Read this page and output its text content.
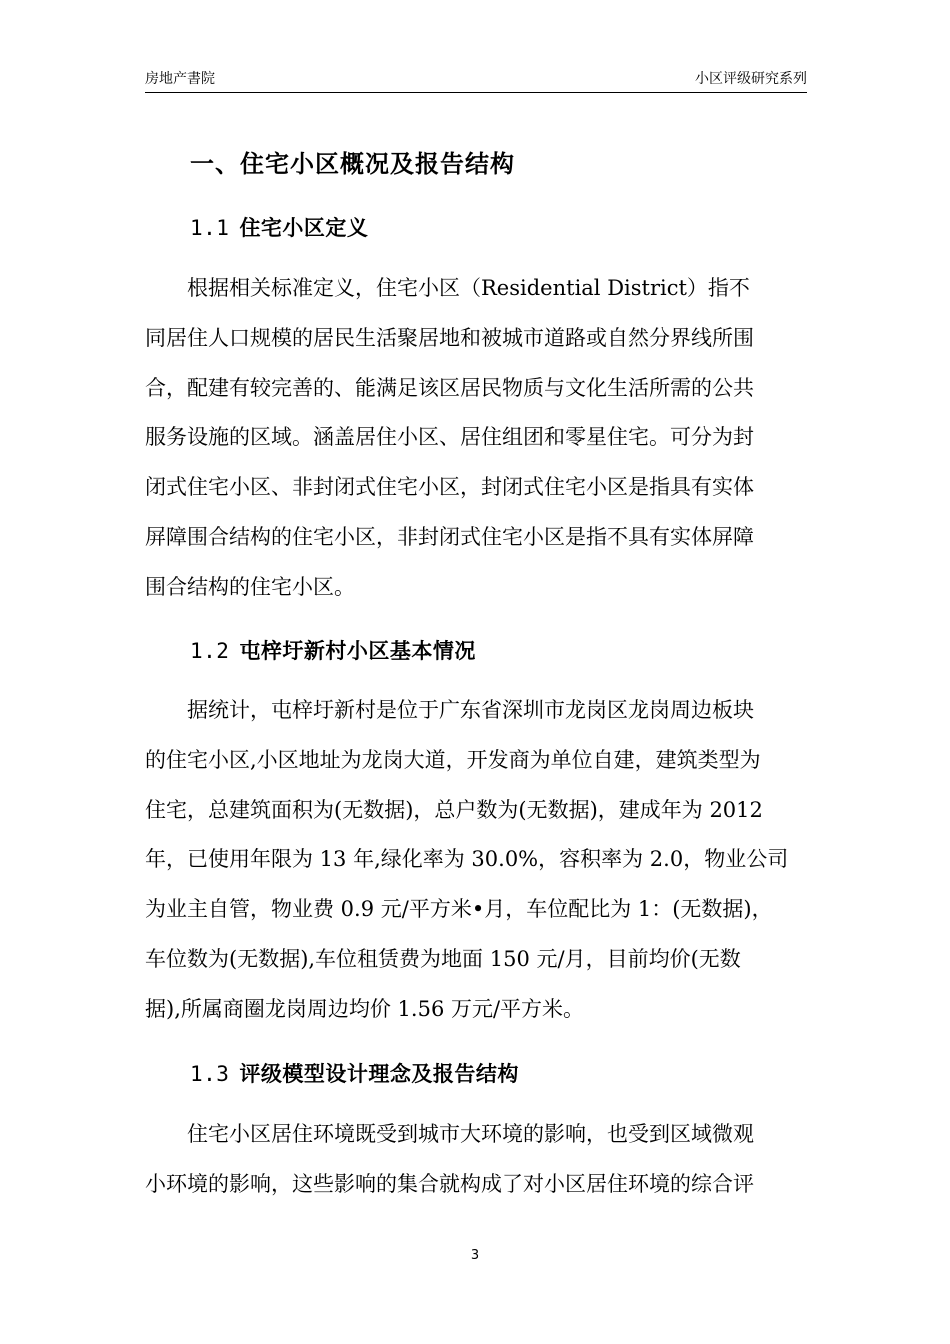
房地产書院	小区评级研究系列
一、住宅小区概况及报告结构
1.1 住宅小区定义
　　根据相关标准定义，住宅小区（Residential District）指不
同居住人口规模的居民生活聚居地和被城市道路或自然分界线所围
合，配建有较完善的、能满足该区居民物质与文化生活所需的公共
服务设施的区域。涵盖居住小区、居住组团和零星住宅。可分为封
闭式住宅小区、非封闭式住宅小区，封闭式住宅小区是指具有实体
屏障围合结构的住宅小区，非封闭式住宅小区是指不具有实体屏障
围合结构的住宅小区。
1.2 屯梓圩新村小区基本情况
　　据统计，屯梓圩新村是位于广东省深圳市龙岗区龙岗周边板块
的住宅小区,小区地址为龙岗大道，开发商为单位自建，建筑类型为
住宅，总建筑面积为(无数据)，总户数为(无数据)，建成年为 2012
年，已使用年限为 13 年,绿化率为 30.0%，容积率为 2.0，物业公司
为业主自管，物业费 0.9 元/平方米•月，车位配比为 1：(无数据)，
车位数为(无数据),车位租赁费为地面 150 元/月，目前均价(无数
据),所属商圈龙岗周边均价 1.56 万元/平方米。
1.3 评级模型设计理念及报告结构
　　住宅小区居住环境既受到城市大环境的影响，也受到区域微观
小环境的影响，这些影响的集合就构成了对小区居住环境的综合评
3
